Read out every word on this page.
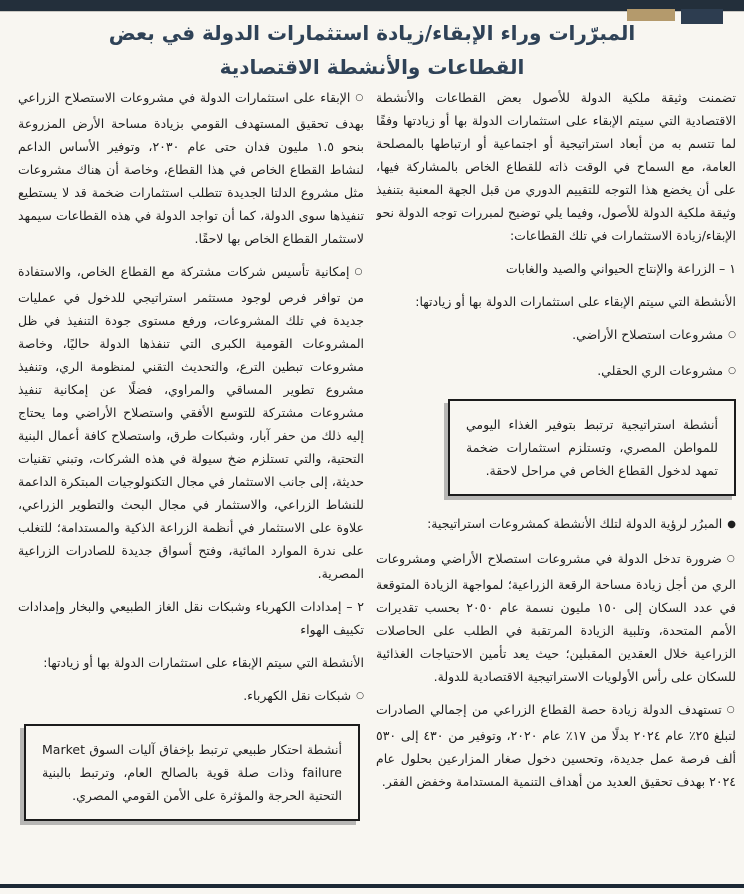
المبرّرات وراء الإبقاء/زيادة استثمارات الدولة في بعض
القطاعات والأنشطة الاقتصادية

تضمنت وثيقة ملكية الدولة للأصول بعض القطاعات والأنشطة الاقتصادية التي سيتم الإبقاء على استثمارات الدولة بها أو زيادتها وفقًا لما تتسم به من أبعاد استراتيجية أو اجتماعية أو ارتباطها بالمصلحة العامة، مع السماح في الوقت ذاته للقطاع الخاص بالمشاركة فيها، على أن يخضع هذا التوجه للتقييم الدوري من قبل الجهة المعنية بتنفيذ وثيقة ملكية الدولة للأصول، وفيما يلي توضيح لمبررات توجه الدولة نحو الإبقاء/زيادة الاستثمارات في تلك القطاعات:

١ – الزراعة والإنتاج الحيواني والصيد والغابات

الأنشطة التي سيتم الإبقاء على استثمارات الدولة بها أو زيادتها:

○مشروعات استصلاح الأراضي.

○مشروعات الري الحقلي.

أنشطة استراتيجية ترتبط بتوفير الغذاء اليومي للمواطن المصري، وتستلزم استثمارات ضخمة تمهد لدخول القطاع الخاص في مراحل لاحقة.

●المبرُر لرؤية الدولة لتلك الأنشطة كمشروعات استراتيجية:

○ضرورة تدخل الدولة في مشروعات استصلاح الأراضي ومشروعات الري من أجل زيادة مساحة الرقعة الزراعية؛ لمواجهة الزيادة المتوقعة في عدد السكان إلى ١٥٠ مليون نسمة عام ٢٠٥٠ بحسب تقديرات الأمم المتحدة، وتلبية الزيادة المرتقبة في الطلب على الحاصلات الزراعية خلال العقدين المقبلين؛ حيث يعد تأمين الاحتياجات الغذائية للسكان على رأس الأولويات الاستراتيجية الاقتصادية للدولة.

○تستهدف الدولة زيادة حصة القطاع الزراعي من إجمالي الصادرات لتبلغ ٢٥٪ عام ٢٠٢٤ بدلًا من ١٧٪ عام ٢٠٢٠، وتوفير من ٤٣٠ إلى ٥٣٠ ألف فرصة عمل جديدة، وتحسين دخول صغار المزارعين بحلول عام ٢٠٢٤ بهدف تحقيق العديد من أهداف التنمية المستدامة وخفض الفقر.

○الإبقاء على استثمارات الدولة في مشروعات الاستصلاح الزراعي بهدف تحقيق المستهدف القومي بزيادة مساحة الأرض المزروعة بنحو ١.٥ مليون فدان حتى عام ٢٠٣٠، وتوفير الأساس الداعم لنشاط القطاع الخاص في هذا القطاع، وخاصة أن هناك مشروعات مثل مشروع الدلتا الجديدة تتطلب استثمارات ضخمة قد لا يستطيع تنفيذها سوى الدولة، كما أن تواجد الدولة في هذه القطاعات سيمهد لاستثمار القطاع الخاص بها لاحقًا.

○إمكانية تأسيس شركات مشتركة مع القطاع الخاص، والاستفادة من توافر فرص لوجود مستثمر استراتيجي للدخول في عمليات جديدة في تلك المشروعات، ورفع مستوى جودة التنفيذ في ظل المشروعات القومية الكبرى التي تنفذها الدولة حاليًا، وخاصة مشروعات تبطين الترع، والتحديث التقني لمنظومة الري، وتنفيذ مشروع تطوير المساقي والمراوي، فضلًا عن إمكانية تنفيذ مشروعات مشتركة للتوسع الأفقي واستصلاح الأراضي وما يحتاج إليه ذلك من حفر آبار، وشبكات طرق، واستصلاح كافة أعمال البنية التحتية، والتي تستلزم ضخ سيولة في هذه الشركات، وتبني تقنيات حديثة، إلى جانب الاستثمار في مجال التكنولوجيات المبتكرة الداعمة للنشاط الزراعي، والاستثمار في مجال البحث والتطوير الزراعي، علاوة على الاستثمار في أنظمة الزراعة الذكية والمستدامة؛ للتغلب على ندرة الموارد المائية، وفتح أسواق جديدة للصادرات الزراعية المصرية.

٢ – إمدادات الكهرباء وشبكات نقل الغاز الطبيعي والبخار وإمدادات تكييف الهواء

الأنشطة التي سيتم الإبقاء على استثمارات الدولة بها أو زيادتها:

○شبكات نقل الكهرباء.

أنشطة احتكار طبيعي ترتبط بإخفاق آليات السوق Market failure وذات صلة قوية بالصالح العام، وترتبط بالبنية التحتية الحرجة والمؤثرة على الأمن القومي المصري.
